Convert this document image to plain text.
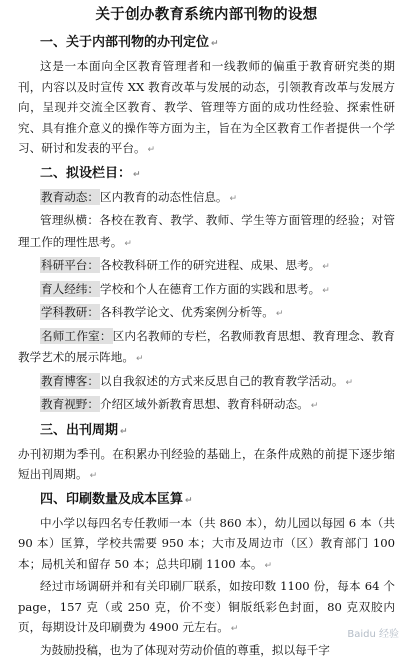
关于创办教育系统内部刊物的设想
一、关于内部刊物的办刊定位 ↵

这是一本面向全区教育管理者和一线教师的偏重于教育研究类的期刊，内容以及时宣传 XX 教育改革与发展的动态，引领教育改革与发展方向，呈现并交流全区教育、教学、管理等方面的成功性经验、探索性研究、具有推介意义的操作等方面为主，旨在为全区教育工作者提供一个学习、研讨和发表的平台。 ↵

二、拟设栏目： ↵
教育动态：区内教育的动态性信息。 ↵
管理纵横：各校在教育、教学、教师、学生等方面管理的经验；对管理工作的理性思考。 ↵
科研平台：各校教科研工作的研究进程、成果、思考。 ↵
育人经纬：学校和个人在德育工作方面的实践和思考。 ↵
学科教研：各科教学论文、优秀案例分析等。 ↵
名师工作室：区内名教师的专栏，名教师教育思想、教育理念、教育教学艺术的展示阵地。 ↵
教育博客：以自我叙述的方式来反思自己的教育教学活动。 ↵
教育视野：介绍区域外新教育思想、教育科研动态。 ↵
三、出刊周期 ↵

办刊初期为季刊。在积累办刊经验的基础上，在条件成熟的前提下逐步缩短出刊周期。 ↵

四、印刷数量及成本匡算 ↵

中小学以每四名专任教师一本（共 860 本），幼儿园以每园 6 本（共 90 本）匡算，学校共需要 950 本；大市及周边市（区）教育部门 100 本；局机关和留存 50 本；总共印刷 1100 本。 ↵

经过市场调研并和有关印刷厂联系，如按印数 1100 份，每本 64 个 page，157 克（或 250 克，价不变）铜版纸彩色封面，80 克双胶内页，每期设计及印刷费为 4900 元左右。 ↵

为鼓励投稿，也为了体现对劳动价值的尊重，拟以每千字

Baidu 经验
